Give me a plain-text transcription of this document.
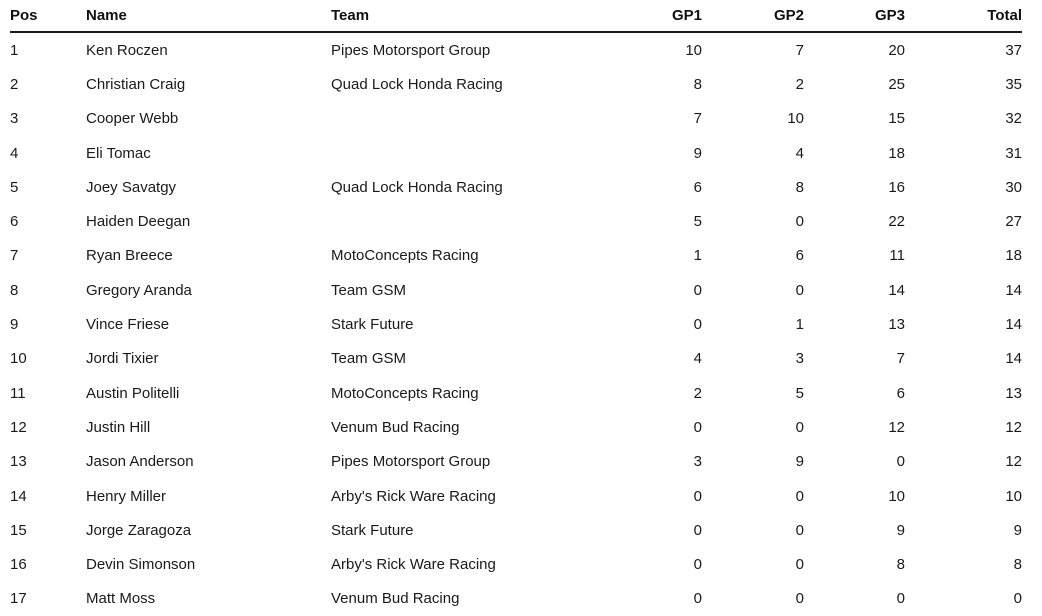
Pos	Name	Team	GP1	GP2	GP3	Total
1	Ken Roczen	Pipes Motorsport Group	10	7	20	37
2	Christian Craig	Quad Lock Honda Racing	8	2	25	35
3	Cooper Webb		7	10	15	32
4	Eli Tomac		9	4	18	31
5	Joey Savatgy	Quad Lock Honda Racing	6	8	16	30
6	Haiden Deegan		5	0	22	27
7	Ryan Breece	MotoConcepts Racing	1	6	11	18
8	Gregory Aranda	Team GSM	0	0	14	14
9	Vince Friese	Stark Future	0	1	13	14
10	Jordi Tixier	Team GSM	4	3	7	14
11	Austin Politelli	MotoConcepts Racing	2	5	6	13
12	Justin Hill	Venum Bud Racing	0	0	12	12
13	Jason Anderson	Pipes Motorsport Group	3	9	0	12
14	Henry Miller	Arby's Rick Ware Racing	0	0	10	10
15	Jorge Zaragoza	Stark Future	0	0	9	9
16	Devin Simonson	Arby's Rick Ware Racing	0	0	8	8
17	Matt Moss	Venum Bud Racing	0	0	0	0
